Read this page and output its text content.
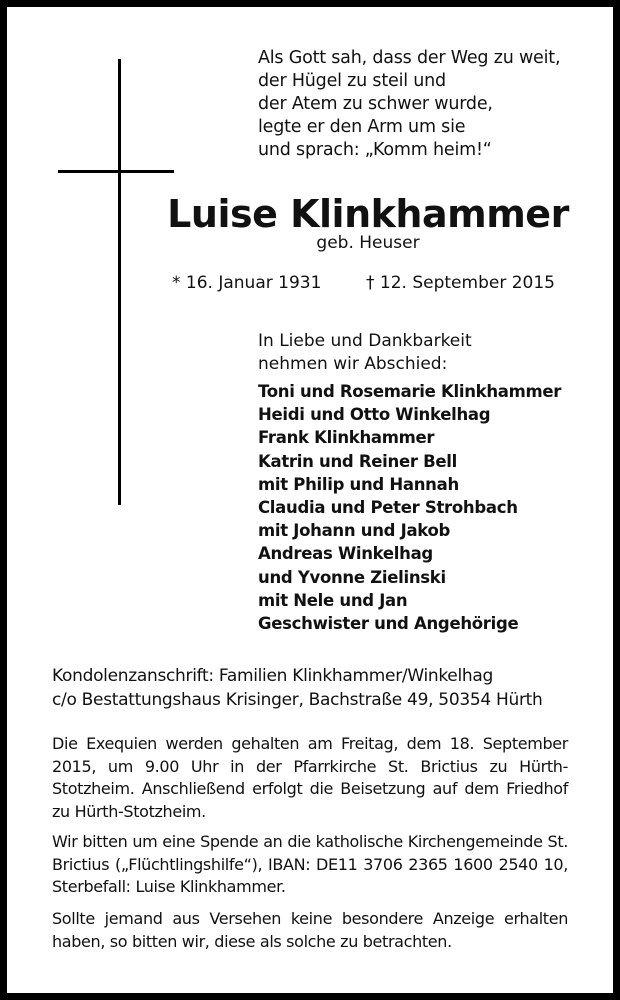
Als Gott sah, dass der Weg zu weit,
der Hügel zu steil und
der Atem zu schwer wurde,
legte er den Arm um sie
und sprach: „Komm heim!“
Luise Klinkhammer
geb. Heuser
* 16. Januar 1931	† 12. September 2015
In Liebe und Dankbarkeit
nehmen wir Abschied:
Toni und Rosemarie Klinkhammer
Heidi und Otto Winkelhag
Frank Klinkhammer
Katrin und Reiner Bell
mit Philip und Hannah
Claudia und Peter Strohbach
mit Johann und Jakob
Andreas Winkelhag
und Yvonne Zielinski
mit Nele und Jan
Geschwister und Angehörige
Kondolenzanschrift: Familien Klinkhammer/Winkelhag
c/o Bestattungshaus Krisinger, Bachstraße 49, 50354 Hürth
Die Exequien werden gehalten am Freitag, dem 18. September 2015, um 9.00 Uhr in der Pfarrkirche St. Brictius zu Hürth-Stotzheim. Anschließend erfolgt die Beisetzung auf dem Friedhof zu Hürth-Stotzheim.
Wir bitten um eine Spende an die katholische Kirchengemeinde St. Brictius („Flüchtlingshilfe“), IBAN: DE11 3706 2365 1600 2540 10, Sterbefall: Luise Klinkhammer.
Sollte jemand aus Versehen keine besondere Anzeige erhalten haben, so bitten wir, diese als solche zu betrachten.
